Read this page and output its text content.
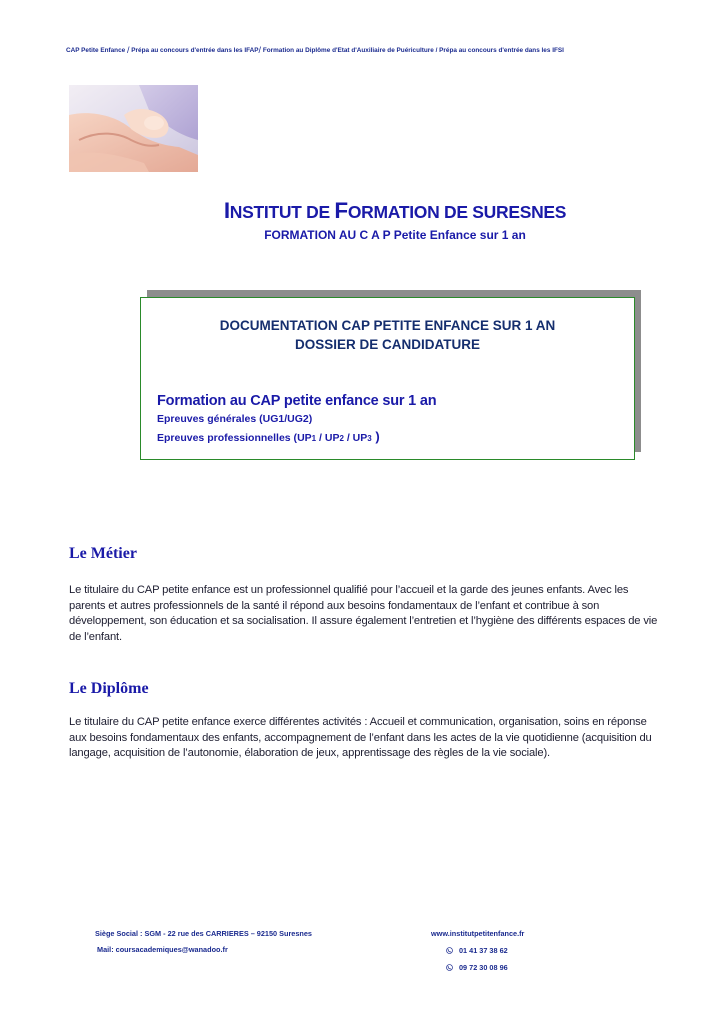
CAP Petite Enfance / Prépa au concours d'entrée dans les IFAP/ Formation au Diplôme d'Etat d'Auxiliaire de Puériculture / Prépa au concours d'entrée dans les IFSI
INSTITUT DE FORMATION DE SURESNES
FORMATION AU C A P Petite Enfance sur 1 an
DOCUMENTATION CAP PETITE ENFANCE SUR 1 AN
DOSSIER DE CANDIDATURE
Formation au CAP petite enfance sur 1 an
Epreuves générales (UG1/UG2)
Epreuves professionnelles (UP1 / UP2 / UP3 )
Le Métier
Le titulaire du CAP petite enfance est un professionnel qualifié pour l’accueil et la garde des jeunes enfants. Avec les parents et autres professionnels de la santé il répond aux besoins fondamentaux de l’enfant et contribue à son développement, son éducation et sa socialisation. Il assure également l’entretien et l’hygiène des différents espaces de vie de l’enfant.
Le Diplôme
Le titulaire du CAP petite enfance exerce différentes activités : Accueil et communication, organisation, soins en réponse aux besoins fondamentaux des enfants, accompagnement de l’enfant dans les actes de la vie quotidienne (acquisition du langage, acquisition de l’autonomie, élaboration de jeux, apprentissage des règles de la vie sociale).
Siège Social : SGM - 22 rue des CARRIERES – 92150 Suresnes
Mail: coursacademiques@wanadoo.fr
www.institutpetitenfance.fr
01 41 37 38 62
09 72 30 08 96
